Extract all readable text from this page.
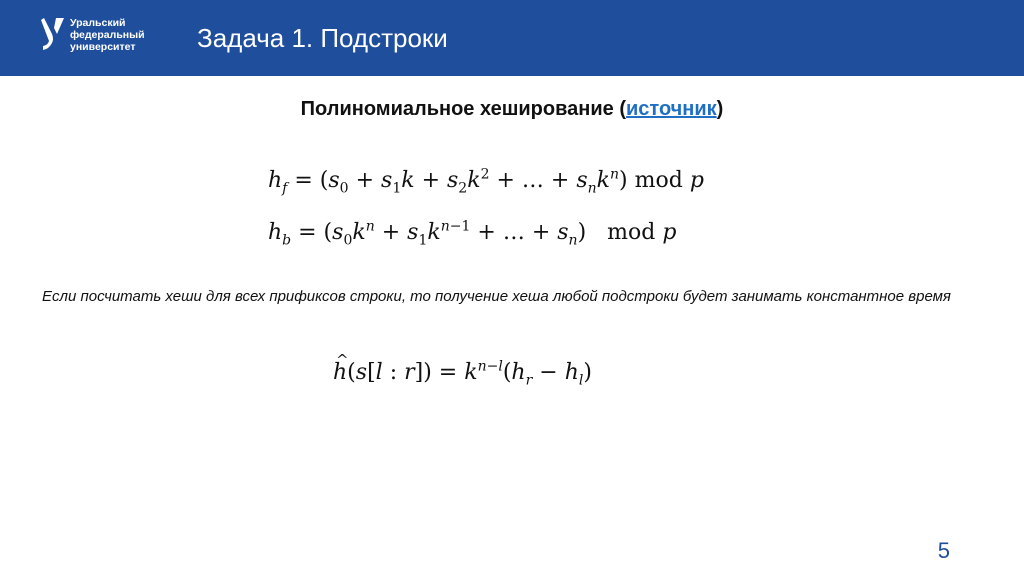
Уральский
федеральный
университет	Задача 1. Подстроки
Полиномиальное хеширование (источник)
$h_f = (s_0 + s_1k + s_2k^2$ + … + $s_nk^n$) mod p
$h_b = (s_0k^n + s_1k^{n-1}$ + … + $s_n$)   mod p
Если посчитать хеши для всех прификсов строки, то получение хеша любой подстроки будет занимать константное время
^ h(s[l : $r]) = k^{n-l}(h_r - h_l)$
5
